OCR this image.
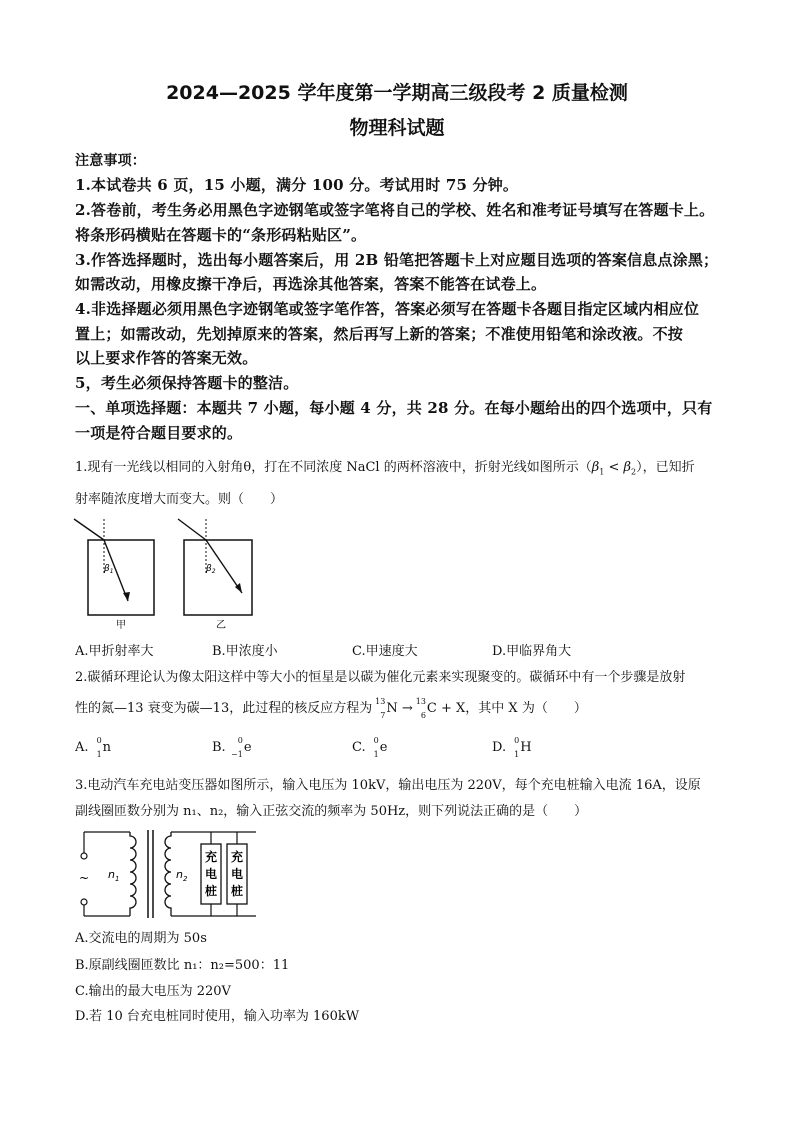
2024—2025 学年度第一学期高三级段考 2 质量检测
物理科试题
注意事项：
1.本试卷共 6 页，15 小题，满分 100 分。考试用时 75 分钟。
2.答卷前，考生务必用黑色字迹钢笔或签字笔将自己的学校、姓名和准考证号填写在答题卡上。
将条形码横贴在答题卡的“条形码粘贴区”。
3.作答选择题时，选出每小题答案后，用 2B 铅笔把答题卡上对应题目选项的答案信息点涂黑；
如需改动，用橡皮擦干净后，再选涂其他答案，答案不能答在试卷上。
4.非选择题必须用黑色字迹钢笔或签字笔作答，答案必须写在答题卡各题目指定区域内相应位
置上；如需改动，先划掉原来的答案，然后再写上新的答案；不准使用铅笔和涂改液。不按
以上要求作答的答案无效。
5，考生必须保持答题卡的整洁。
一、单项选择题：本题共 7 小题，每小题 4 分，共 28 分。在每小题给出的四个选项中，只有
一项是符合题目要求的。
1.现有一光线以相同的入射角θ，打在不同浓度 NaCl 的两杯溶液中，折射光线如图所示$(\beta_1 < \beta_2)$，已知折
射率随浓度增大而变大。则（　　）
$\beta_1$
甲
$\beta_2$
乙
A.甲折射率大	B.甲浓度小	C.甲速度大	D.甲临界角大
2.碳循环理论认为像太阳这样中等大小的恒星是以碳为催化元素来实现聚变的。碳循环中有一个步骤是放射
性的氮—13 衰变为碳—13，此过程的核反应方程为 13
7 N → 13
6 C + X，其中 X 为（　　）
A. 0
1 n	B. 0
−1 e	C. 0
1 e	D. 0
1 H
3.电动汽车充电站变压器如图所示，输入电压为 10kV，输出电压为 220V，每个充电桩输入电流 16A，设原
副线圈匝数分别为 n₁、n₂，输入正弦交流的频率为 50Hz，则下列说法正确的是（　　）
~ $n_1$	$n_2$
充
电
桩
充
电
桩
A.交流电的周期为 50s
B.原副线圈匝数比 n₁：n₂=500：11
C.输出的最大电压为 220V
D.若 10 台充电桩同时使用，输入功率为 160kW
